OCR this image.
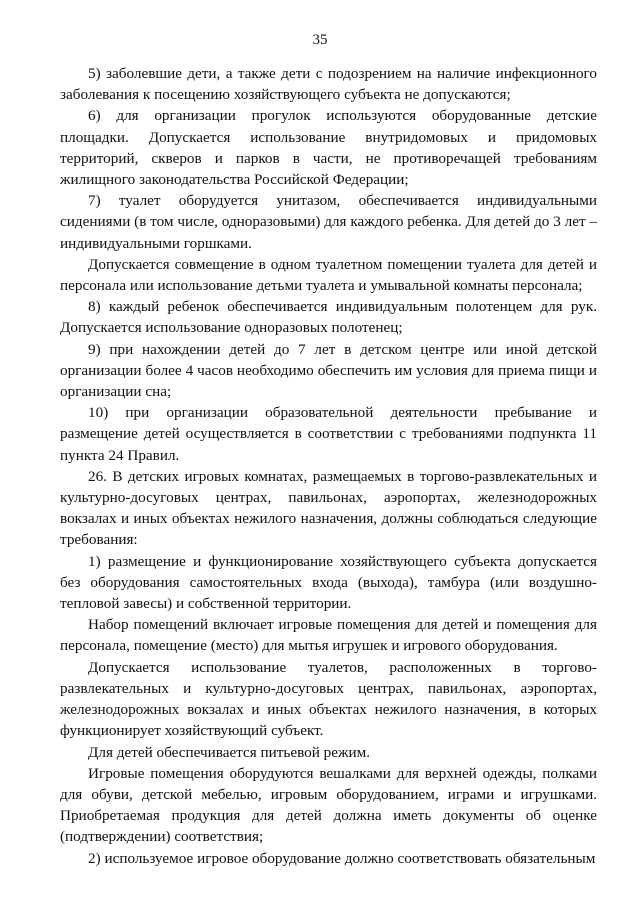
35

5) заболевшие дети, а также дети с подозрением на наличие инфекционного заболевания к посещению хозяйствующего субъекта не допускаются;

6) для организации прогулок используются оборудованные детские площадки. Допускается использование внутридомовых и придомовых территорий, скверов и парков в части, не противоречащей требованиям жилищного законодательства Российской Федерации;

7) туалет оборудуется унитазом, обеспечивается индивидуальными сидениями (в том числе, одноразовыми) для каждого ребенка. Для детей до 3 лет – индивидуальными горшками.

Допускается совмещение в одном туалетном помещении туалета для детей и персонала или использование детьми туалета и умывальной комнаты персонала;

8) каждый ребенок обеспечивается индивидуальным полотенцем для рук. Допускается использование одноразовых полотенец;

9) при нахождении детей до 7 лет в детском центре или иной детской организации более 4 часов необходимо обеспечить им условия для приема пищи и организации сна;

10) при организации образовательной деятельности пребывание и размещение детей осуществляется в соответствии с требованиями подпункта 11 пункта 24 Правил.

26. В детских игровых комнатах, размещаемых в торгово-развлекательных и культурно-досуговых центрах, павильонах, аэропортах, железнодорожных вокзалах и иных объектах нежилого назначения, должны соблюдаться следующие требования:

1) размещение и функционирование хозяйствующего субъекта допускается без оборудования самостоятельных входа (выхода), тамбура (или воздушно-тепловой завесы) и собственной территории.

Набор помещений включает игровые помещения для детей и помещения для персонала, помещение (место) для мытья игрушек и игрового оборудования.

Допускается использование туалетов, расположенных в торгово-развлекательных и культурно-досуговых центрах, павильонах, аэропортах, железнодорожных вокзалах и иных объектах нежилого назначения, в которых функционирует хозяйствующий субъект.

Для детей обеспечивается питьевой режим.

Игровые помещения оборудуются вешалками для верхней одежды, полками для обуви, детской мебелью, игровым оборудованием, играми и игрушками. Приобретаемая продукция для детей должна иметь документы об оценке (подтверждении) соответствия;

2) используемое игровое оборудование должно соответствовать обязательным
